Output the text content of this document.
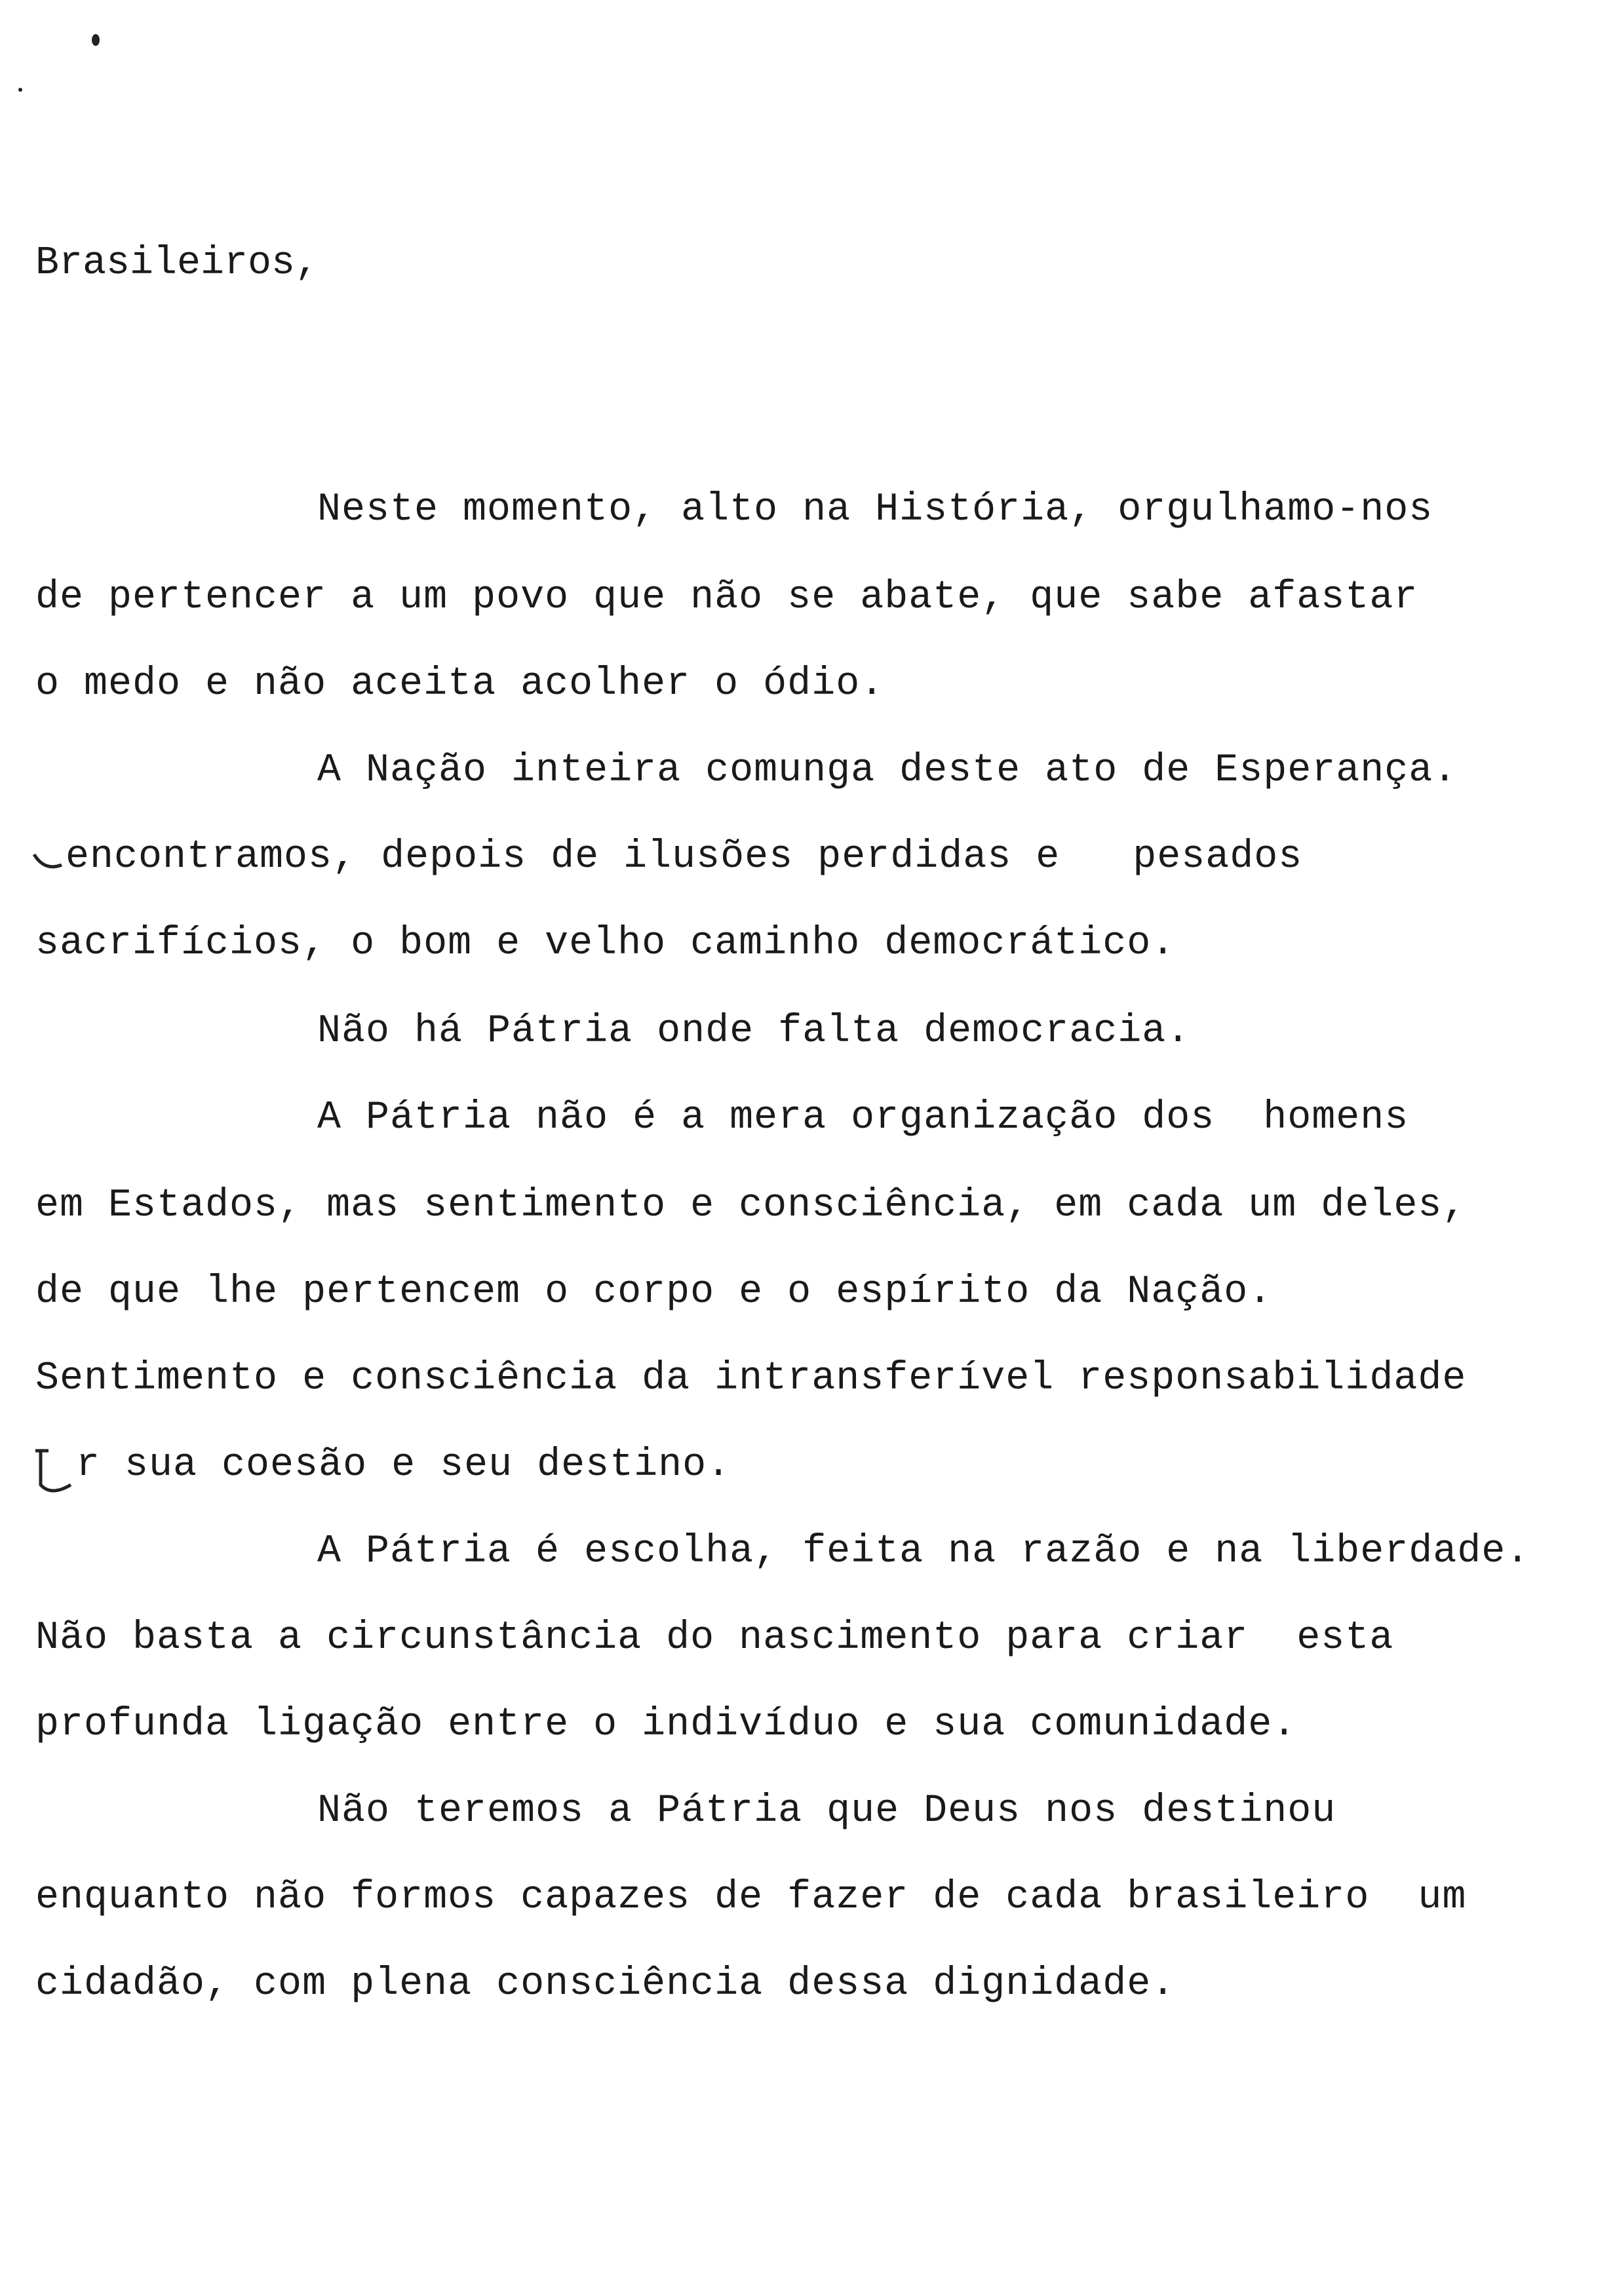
Brasileiros,
Neste momento, alto na História, orgulhamo-nos
de pertencer a um povo que não se abate, que sabe afastar
o medo e não aceita acolher o ódio.
A Nação inteira comunga deste ato de Esperança.
encontramos, depois de ilusões perdidas e   pesados
sacrifícios, o bom e velho caminho democrático.
Não há Pátria onde falta democracia.
A Pátria não é a mera organização dos  homens
em Estados, mas sentimento e consciência, em cada um deles,
de que lhe pertencem o corpo e o espírito da Nação.
Sentimento e consciência da intransferível responsabilidade
r sua coesão e seu destino.
A Pátria é escolha, feita na razão e na liberdade.
Não basta a circunstância do nascimento para criar  esta
profunda ligação entre o indivíduo e sua comunidade.
Não teremos a Pátria que Deus nos destinou
enquanto não formos capazes de fazer de cada brasileiro  um
cidadão, com plena consciência dessa dignidade.
